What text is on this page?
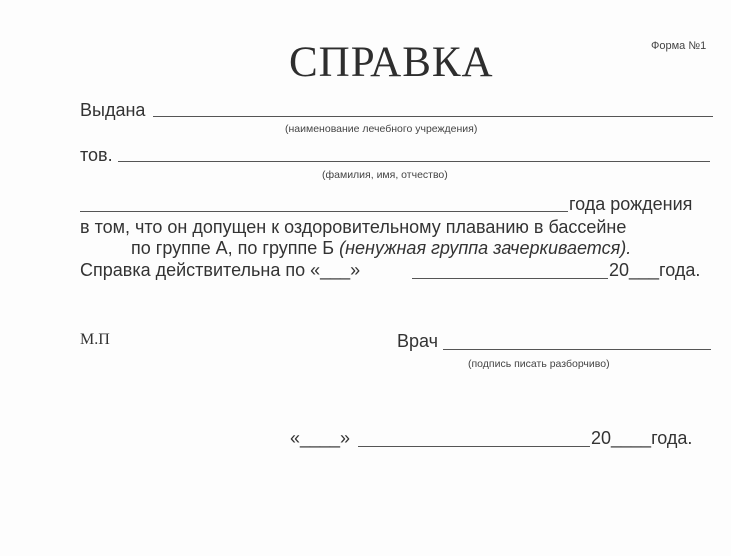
СПРАВКА	Форма №1
Выдана
(наименование лечебного учреждения)
тов.
(фамилия, имя, отчество)
года рождения
в том, что он допущен к оздоровительному плаванию в бассейне
по группе А, по группе Б (ненужная группа зачеркивается).
Справка действительна по «___»	20___года.
М.П	Врач
(подпись писать разборчиво)
«____»	20____года.
